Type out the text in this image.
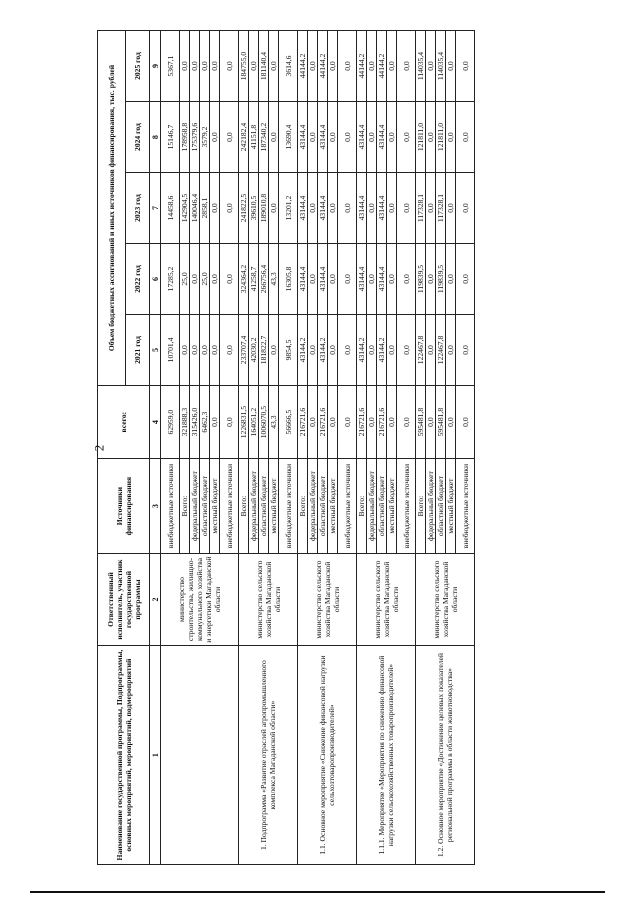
2
Наименование государственной программы, Подпрограммы, основных мероприятий, мероприятий, подмероприятий	Ответственный исполнитель, участник государственной программы	Источники финансирования	всего:	Объем бюджетных ассигнований и иных источников финансирования, тыс. рублей				
				2021 год	2022 год	2023 год	2024 год	2025 год
1	2	3	4	5	6	7	8	9
	министерство строительства, жилищно-коммунального хозяйства и энергетики Магаданской области	внебюджетные источники	62959,0	10701,4	17285,2	14458,6	15146,7	5367,1
		Всего:	321888,3	0,0	25,0	142904,5	178958,8	0,0
		федеральный бюджет	315426,0	0,0	0,0	140046,4	175379,6	0,0
		областной бюджет	6462,3	0,0	25,0	2858,1	3579,2	0,0
		местный бюджет	0,0	0,0	0,0	0,0	0,0	0,0
		внебюджетные источники	0,0	0,0	0,0	0,0	0,0	0,0
1. Подпрограмма «Развитие отраслей агропромышленного комплекса Магаданской области»	министерство сельского хозяйства Магаданской области	Всего:	1226831,5	233707,4	324364,2	241822,5	242182,4	184755,0
		федеральный бюджет	164051,2	42030,2	41258,7	39610,5	41151,8	0,0
		областной бюджет	1006070,5	181822,7	266756,4	189010,8	187340,2	181140,4
		местный бюджет	43,3	0,0	43,3	0,0	0,0	0,0
		внебюджетные источники	56666,5	9854,5	16305,8	13201,2	13690,4	3614,6
1.1. Основное мероприятие «Снижение финансовой нагрузки сельхозтоваропроизводителей»	министерство сельского хозяйства Магаданской области	Всего:	216721,6	43144,2	43144,4	43144,4	43144,4	44144,2
		федеральный бюджет	0,0	0,0	0,0	0,0	0,0	0,0
		областной бюджет	216721,6	43144,2	43144,4	43144,4	43144,4	44144,2
		местный бюджет	0,0	0,0	0,0	0,0	0,0	0,0
		внебюджетные источники	0,0	0,0	0,0	0,0	0,0	0,0
1.1.1. Мероприятие «Мероприятия по снижению финансовой нагрузки сельскохозяйственных товаропроизводителей»	министерство сельского хозяйства Магаданской области	Всего:	216721,6	43144,2	43144,4	43144,4	43144,4	44144,2
		федеральный бюджет	0,0	0,0	0,0	0,0	0,0	0,0
		областной бюджет	216721,6	43144,2	43144,4	43144,4	43144,4	44144,2
		местный бюджет	0,0	0,0	0,0	0,0	0,0	0,0
		внебюджетные источники	0,0	0,0	0,0	0,0	0,0	0,0
1.2. Основное мероприятие «Достижение целевых показателей региональной программы в области животноводства»	министерство сельского хозяйства Магаданской области	Всего:	595481,8	122467,8	119839,5	117328,1	121811,0	114035,4
		федеральный бюджет	0,0	0,0	0,0	0,0	0,0	0,0
		областной бюджет	595481,8	122467,8	119839,5	117328,1	121811,0	114035,4
		местный бюджет	0,0	0,0	0,0	0,0	0,0	0,0
		внебюджетные источники	0,0	0,0	0,0	0,0	0,0	0,0
